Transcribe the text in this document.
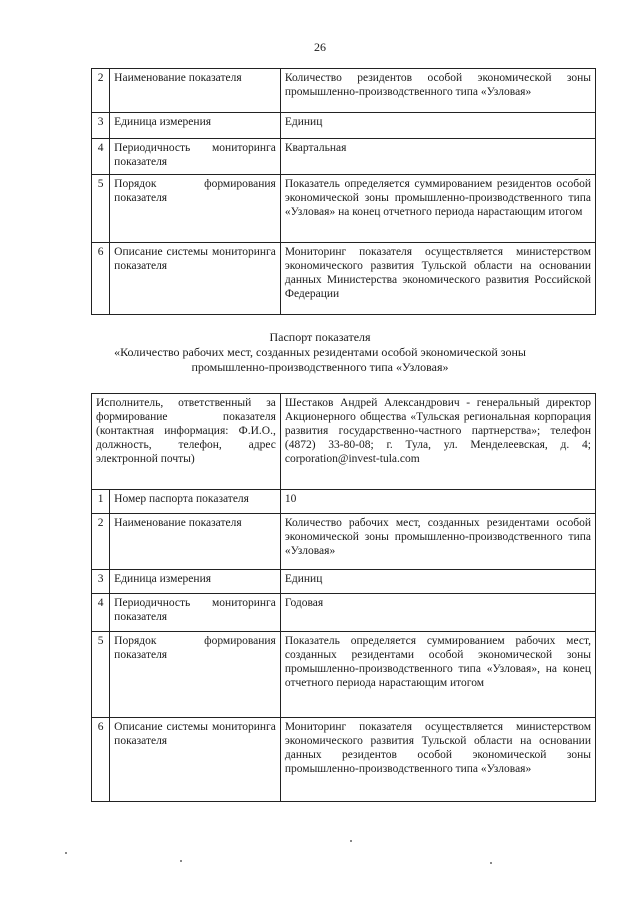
26
2	Наименование показателя	Количество резидентов особой экономической зоны промышленно-производственного типа «Узловая»
3	Единица измерения	Единиц
4	Периодичность мониторинга показателя	Квартальная
5	Порядок формирования показателя	Показатель определяется суммированием резидентов особой экономической зоны промышленно-производственного типа «Узловая» на конец отчетного периода нарастающим итогом
6	Описание системы мониторинга показателя	Мониторинг показателя осуществляется министерством экономического развития Тульской области на основании данных Министерства экономического развития Российской Федерации
Паспорт показателя
«Количество рабочих мест, созданных резидентами особой экономической зоны
промышленно-производственного типа «Узловая»
Исполнитель, ответственный за формирование показателя (контактная информация: Ф.И.О., должность, телефон, адрес электронной почты)		Шестаков Андрей Александрович - генеральный директор Акционерного общества «Тульская региональная корпорация развития государственно-частного партнерства»; телефон (4872) 33-80-08; г. Тула, ул. Менделеевская, д. 4; corporation@invest-tula.com
1	Номер паспорта показателя	10
2	Наименование показателя	Количество рабочих мест, созданных резидентами особой экономической зоны промышленно-производственного типа «Узловая»
3	Единица измерения	Единиц
4	Периодичность мониторинга показателя	Годовая
5	Порядок формирования показателя	Показатель определяется суммированием рабочих мест, созданных резидентами особой экономической зоны промышленно-производственного типа «Узловая», на конец отчетного периода нарастающим итогом
6	Описание системы мониторинга показателя	Мониторинг показателя осуществляется министерством экономического развития Тульской области на основании данных резидентов особой экономической зоны промышленно-производственного типа «Узловая»
